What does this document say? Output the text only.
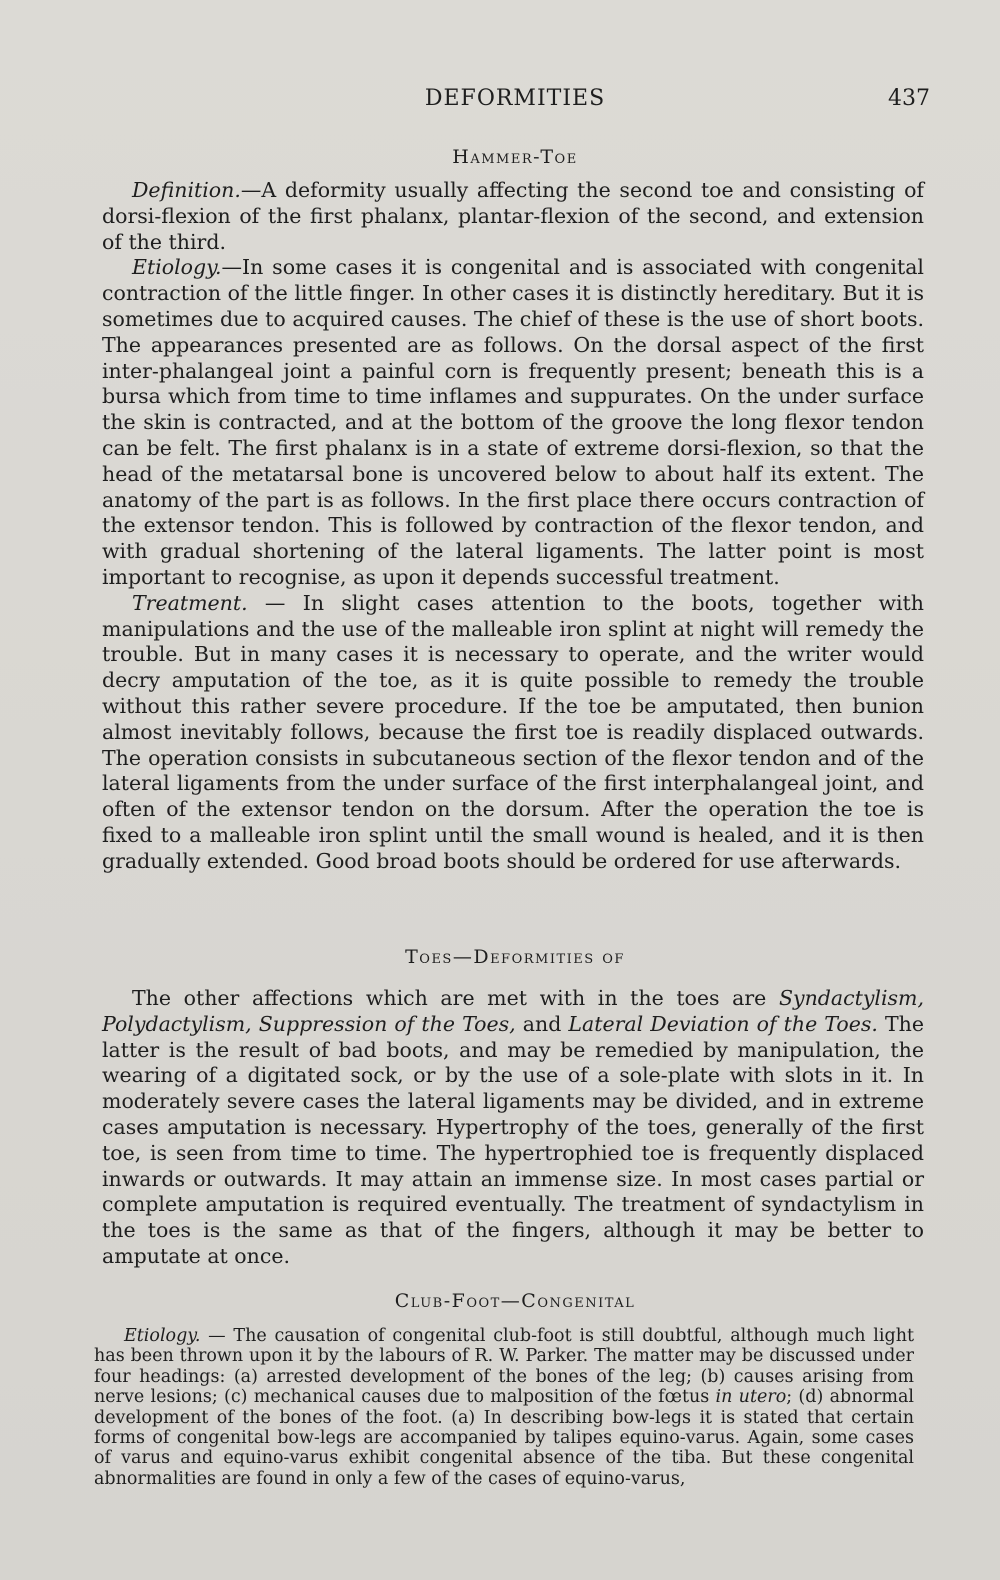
DEFORMITIES	437
Hammer-Toe

Definition.—A deformity usually affecting the second toe and consisting of dorsi-flexion of the first phalanx, plantar-flexion of the second, and extension of the third.

Etiology.—In some cases it is congenital and is associated with congenital contraction of the little finger. In other cases it is distinctly hereditary. But it is sometimes due to acquired causes. The chief of these is the use of short boots. The appearances presented are as follows. On the dorsal aspect of the first inter-phalangeal joint a painful corn is frequently present; beneath this is a bursa which from time to time inflames and suppurates. On the under surface the skin is contracted, and at the bottom of the groove the long flexor tendon can be felt. The first phalanx is in a state of extreme dorsi-flexion, so that the head of the metatarsal bone is uncovered below to about half its extent. The anatomy of the part is as follows. In the first place there occurs contraction of the extensor tendon. This is followed by contraction of the flexor tendon, and with gradual shortening of the lateral ligaments. The latter point is most important to recognise, as upon it depends successful treatment.

Treatment. — In slight cases attention to the boots, together with manipulations and the use of the malleable iron splint at night will remedy the trouble. But in many cases it is necessary to operate, and the writer would decry amputation of the toe, as it is quite possible to remedy the trouble without this rather severe procedure. If the toe be amputated, then bunion almost inevitably follows, because the first toe is readily displaced outwards. The operation consists in subcutaneous section of the flexor tendon and of the lateral ligaments from the under surface of the first interphalangeal joint, and often of the extensor tendon on the dorsum. After the operation the toe is fixed to a malleable iron splint until the small wound is healed, and it is then gradually extended. Good broad boots should be ordered for use afterwards.

Toes—Deformities of

The other affections which are met with in the toes are Syndactylism, Polydactylism, Suppression of the Toes, and Lateral Deviation of the Toes. The latter is the result of bad boots, and may be remedied by manipulation, the wearing of a digitated sock, or by the use of a sole-plate with slots in it. In moderately severe cases the lateral ligaments may be divided, and in extreme cases amputation is necessary. Hypertrophy of the toes, generally of the first toe, is seen from time to time. The hypertrophied toe is frequently displaced inwards or outwards. It may attain an immense size. In most cases partial or complete amputation is required eventually. The treatment of syndactylism in the toes is the same as that of the fingers, although it may be better to amputate at once.

Club-Foot—Congenital

Etiology. — The causation of congenital club-foot is still doubtful, although much light has been thrown upon it by the labours of R. W. Parker. The matter may be discussed under four headings: (a) arrested development of the bones of the leg; (b) causes arising from nerve lesions; (c) mechanical causes due to malposition of the fœtus in utero; (d) abnormal development of the bones of the foot. (a) In describing bow-legs it is stated that certain forms of congenital bow-legs are accompanied by talipes equino-varus. Again, some cases of varus and equino-varus exhibit congenital absence of the tiba. But these congenital abnormalities are found in only a few of the cases of equino-varus,
